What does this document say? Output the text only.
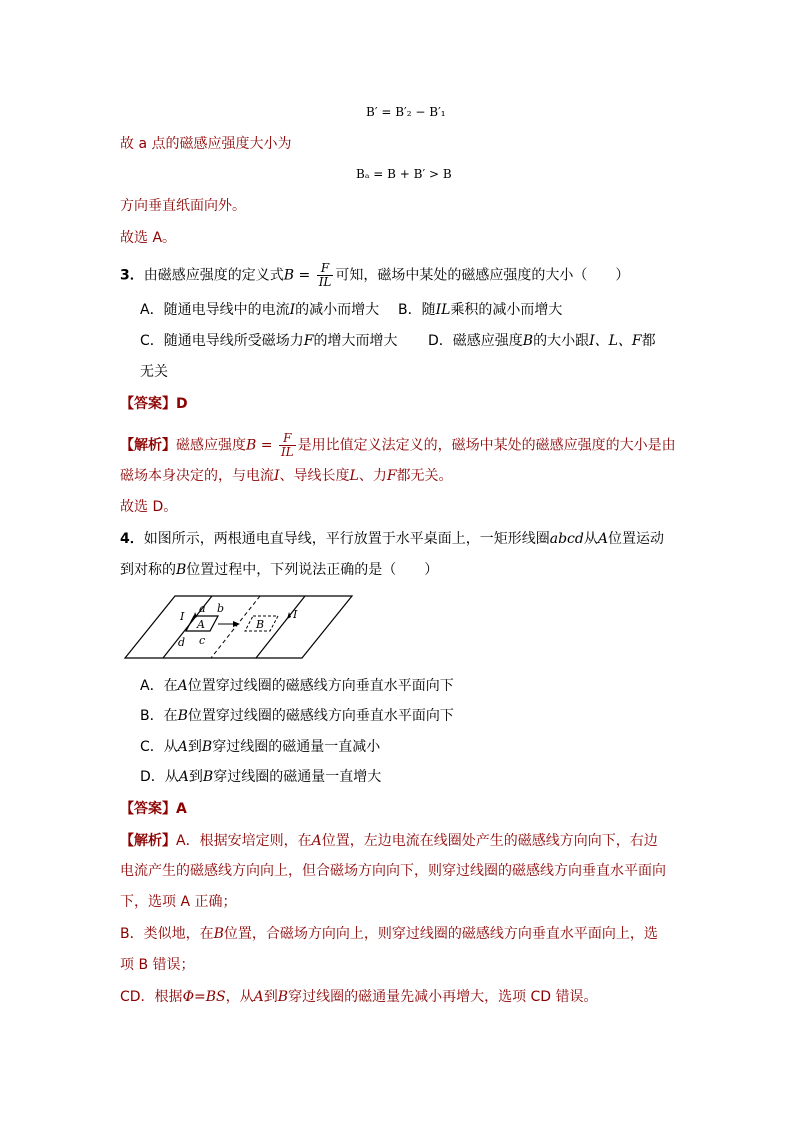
B′ = B′₂ − B′₁
故 a 点的磁感应强度大小为
Bₐ = B + B′ > B
方向垂直纸面向外。
故选 A。
3．由磁感应强度的定义式$B = \frac{F}{IL}$ 可知，磁场中某处的磁感应强度的大小（　　）
A．随通电导线中的电流I的减小而增大 B．随IL乘积的减小而增大
C．随通电导线所受磁场力F的增大而增大 D．磁感应强度B的大小跟I、L、F都
无关
【答案】D
【解析】磁感应强度$B = \frac{F}{IL}$ 是用比值定义法定义的，磁场中某处的磁感应强度的大小是由
磁场本身决定的，与电流I、导线长度L、力F都无关。
故选 D。
4．如图所示，两根通电直导线，平行放置于水平桌面上，一矩形线圈abcd从A位置运动
到对称的B位置过程中，下列说法正确的是（　　）
I
a b
A
c
d
B
I
A．在A位置穿过线圈的磁感线方向垂直水平面向下
B．在B位置穿过线圈的磁感线方向垂直水平面向下
C．从A到B穿过线圈的磁通量一直减小
D．从A到B穿过线圈的磁通量一直增大
【答案】A
【解析】A．根据安培定则，在A位置，左边电流在线圈处产生的磁感线方向向下，右边
电流产生的磁感线方向向上，但合磁场方向向下，则穿过线圈的磁感线方向垂直水平面向
下，选项 A 正确；
B．类似地，在B位置，合磁场方向向上，则穿过线圈的磁感线方向垂直水平面向上，选
项 B 错误；
CD．根据Φ=BS，从A到B穿过线圈的磁通量先减小再增大，选项 CD 错误。
